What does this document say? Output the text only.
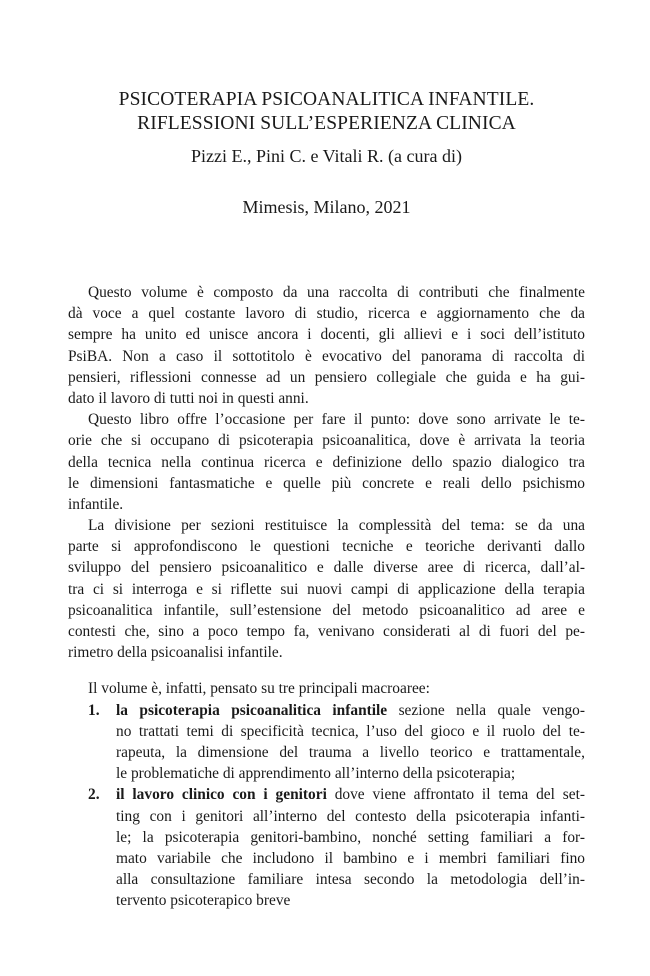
PSICOTERAPIA PSICOANALITICA INFANTILE.
RIFLESSIONI SULL’ESPERIENZA CLINICA
Pizzi E., Pini C. e Vitali R. (a cura di)
Mimesis, Milano, 2021
Questo volume è composto da una raccolta di contributi che finalmente
dà voce a quel costante lavoro di studio, ricerca e aggiornamento che da
sempre ha unito ed unisce ancora i docenti, gli allievi e i soci dell’istituto
PsiBA. Non a caso il sottotitolo è evocativo del panorama di raccolta di
pensieri, riflessioni connesse ad un pensiero collegiale che guida e ha gui-
dato il lavoro di tutti noi in questi anni.
Questo libro offre l’occasione per fare il punto: dove sono arrivate le te-
orie che si occupano di psicoterapia psicoanalitica, dove è arrivata la teoria
della tecnica nella continua ricerca e definizione dello spazio dialogico tra
le dimensioni fantasmatiche e quelle più concrete e reali dello psichismo
infantile.
La divisione per sezioni restituisce la complessità del tema: se da una
parte si approfondiscono le questioni tecniche e teoriche derivanti dallo
sviluppo del pensiero psicoanalitico e dalle diverse aree di ricerca, dall’al-
tra ci si interroga e si riflette sui nuovi campi di applicazione della terapia
psicoanalitica infantile, sull’estensione del metodo psicoanalitico ad aree e
contesti che, sino a poco tempo fa, venivano considerati al di fuori del pe-
rimetro della psicoanalisi infantile.
Il volume è, infatti, pensato su tre principali macroaree:
1. la psicoterapia psicoanalitica infantile sezione nella quale vengo-
no trattati temi di specificità tecnica, l’uso del gioco e il ruolo del te-
rapeuta, la dimensione del trauma a livello teorico e trattamentale,
le problematiche di apprendimento all’interno della psicoterapia;
2. il lavoro clinico con i genitori dove viene affrontato il tema del set-
ting con i genitori all’interno del contesto della psicoterapia infanti-
le; la psicoterapia genitori-bambino, nonché setting familiari a for-
mato variabile che includono il bambino e i membri familiari fino
alla consultazione familiare intesa secondo la metodologia dell’in-
tervento psicoterapico breve
